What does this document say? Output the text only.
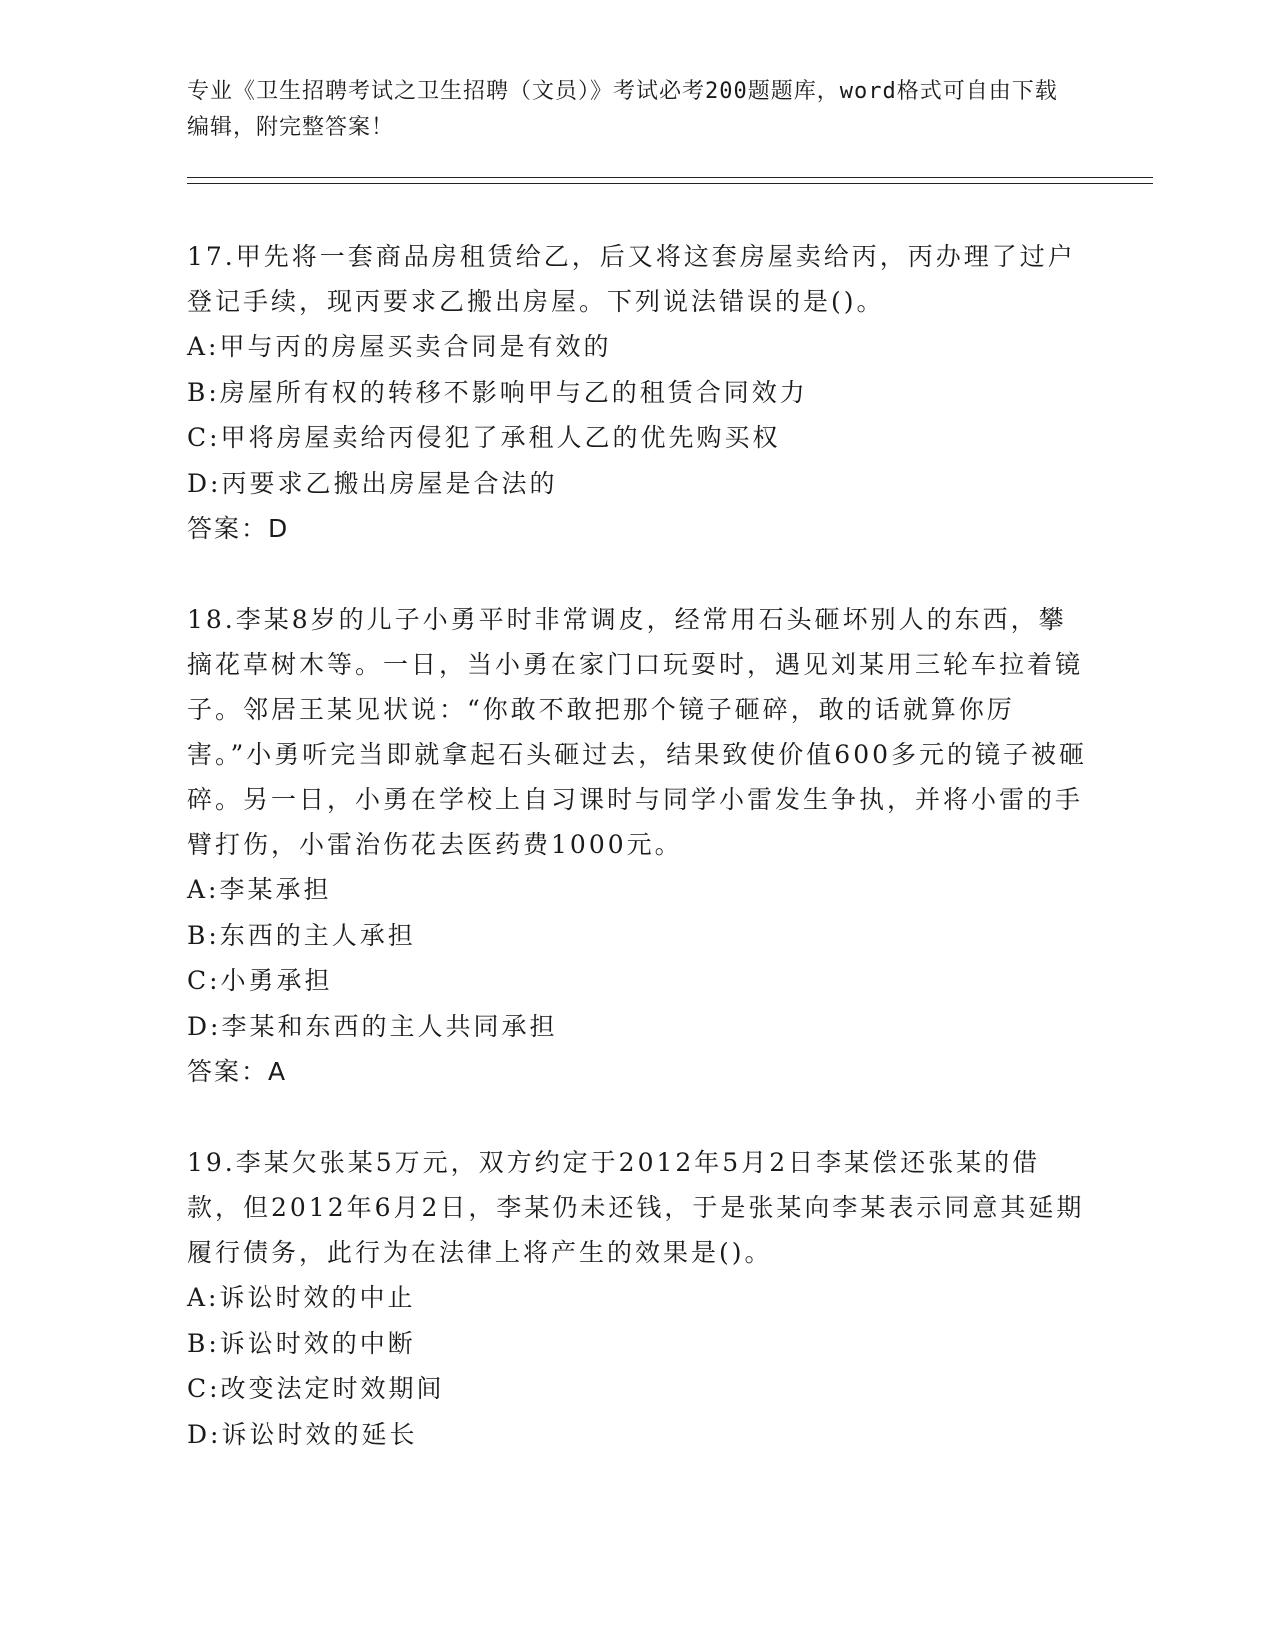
专业《卫生招聘考试之卫生招聘（文员）》考试必考200题题库，word格式可自由下载编辑，附完整答案！

17.甲先将一套商品房租赁给乙，后又将这套房屋卖给丙，丙办理了过户登记手续，现丙要求乙搬出房屋。下列说法错误的是()。

A:甲与丙的房屋买卖合同是有效的

B:房屋所有权的转移不影响甲与乙的租赁合同效力

C:甲将房屋卖给丙侵犯了承租人乙的优先购买权

D:丙要求乙搬出房屋是合法的

答案：D

18.李某8岁的儿子小勇平时非常调皮，经常用石头砸坏别人的东西，攀摘花草树木等。一日，当小勇在家门口玩耍时，遇见刘某用三轮车拉着镜子。邻居王某见状说：“你敢不敢把那个镜子砸碎，敢的话就算你厉害。”小勇听完当即就拿起石头砸过去，结果致使价值600多元的镜子被砸碎。另一日，小勇在学校上自习课时与同学小雷发生争执，并将小雷的手臂打伤，小雷治伤花去医药费1000元。

A:李某承担

B:东西的主人承担

C:小勇承担

D:李某和东西的主人共同承担

答案：A

19.李某欠张某5万元，双方约定于2012年5月2日李某偿还张某的借款，但2012年6月2日，李某仍未还钱，于是张某向李某表示同意其延期履行债务，此行为在法律上将产生的效果是()。

A:诉讼时效的中止

B:诉讼时效的中断

C:改变法定时效期间

D:诉讼时效的延长
